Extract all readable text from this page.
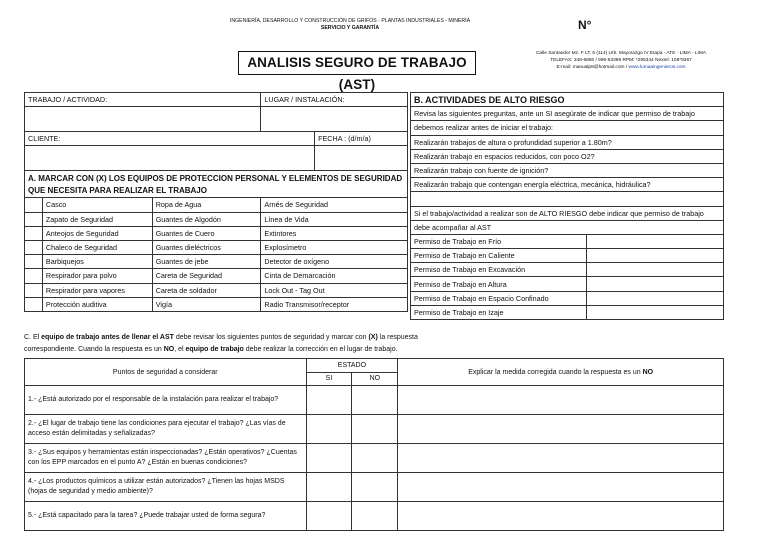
INGENIERÍA, DESARROLLO Y CONSTRUCCIÓN DE GRIFOS - PLANTAS INDUSTRIALES - MINERÍA
SERVICIO Y GARANTÍA	N°
ANALISIS SEGURO DE TRABAJO (AST)
Calle Santander Mz. F LT. 6 (114) Urb. Mayorazgo IV Etapa - ATE - LIMA - LIMA
TELEFAX: 348-5850 / 996-63369 RPM: *295344 Nextel: 108*9367
E-mail: manualp8@hotmail.com / www.lumaaingenieros.com
TRABAJO / ACTIVIDAD:			LUGAR / INSTALACIÓN:	

CLIENTE:				FECHA : (d/m/a)

A. MARCAR CON (X) LOS EQUIPOS DE PROTECCION PERSONAL Y ELEMENTOS DE SEGURIDAD QUE NECESITA PARA REALIZAR EL TRABAJO				
	Casco	Ropa de Agua	Arnés de Seguridad	
	Zapato de Seguridad	Guantes de Algodón	Línea de Vida	
	Anteojos de Seguridad	Guantes de Cuero	Extintores	
	Chaleco de Seguridad	Guantes dieléctricos	Explosímetro	
	Barbiquejos	Guantes de jebe	Detector de oxígeno	
	Respirador para polvo	Careta de Seguridad	Cinta de Demarcación	
	Respirador para vapores	Careta de soldador	Lock Out - Tag Out	
	Protección auditiva	Vigía	Radio Transmisor/receptor	
B. ACTIVIDADES DE ALTO RIESGO	
Revisa las siguientes preguntas, ante un SI asegúrate de indicar que permiso de trabajo	
debemos realizar antes de iniciar el trabajo:	
Realizarán trabajos de altura o profundidad superior a 1.80m?	
Realizarán trabajo en espacios reducidos, con poco O2?	
Realizarán trabajo con fuente de ignición?	
Realizarán trabajo que contengan energía eléctrica, mecánica, hidráulica?	

Si el trabajo/actividad a realizar son de ALTO RIESGO debe indicar que permiso de trabajo	
debe acompañar al AST	
Permiso de Trabajo en Frío	
Permiso de Trabajo en Caliente	
Permiso de Trabajo en Excavación	
Permiso de Trabajo en Altura	
Permiso de Trabajo en Espacio Confinado	
Permiso de Trabajo en Izaje	
C. El equipo de trabajo antes de llenar el AST debe revisar los siguientes puntos de seguridad y marcar con (X) la respuesta
correspondiente. Cuando la respuesta es un NO, el equipo de trabajo debe realizar la corrección en el lugar de trabajo.
Puntos de seguridad a considerar	ESTADO		Explicar la medida corregida cuando la respuesta es un NO
	SI	NO	
1.- ¿Está autorizado por el responsable de la instalación para realizar el trabajo?			
2.- ¿El lugar de trabajo tiene las condiciones para ejecutar el trabajo? ¿Las vías de acceso están delimitadas y señalizadas?			
3.- ¿Sus equipos y herramientas están inspeccionadas? ¿Están operativos? ¿Cuentas con los EPP marcados en el punto A? ¿Están en buenas condiciones?			
4.- ¿Los productos químicos a utilizar están autorizados? ¿Tienen las hojas MSDS (hojas de seguridad y medio ambiente)?			
5.- ¿Está capacitado para la tarea? ¿Puede trabajar usted de forma segura?			
